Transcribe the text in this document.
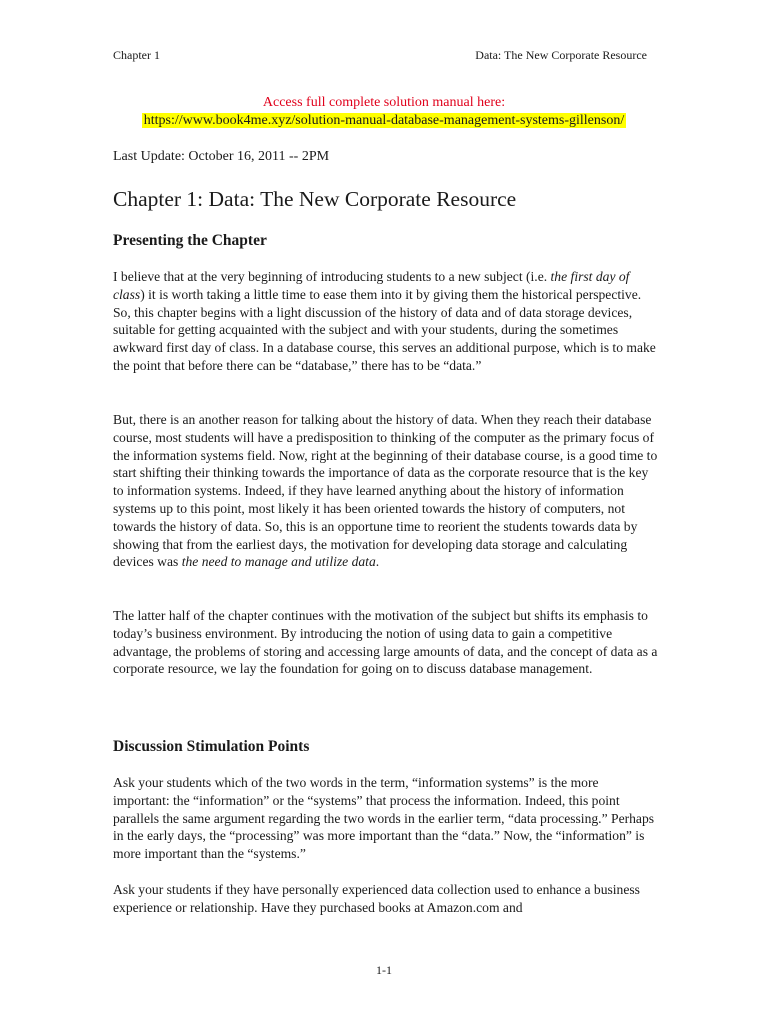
Chapter 1	Data: The New Corporate Resource
Access full complete solution manual here:
https://www.book4me.xyz/solution-manual-database-management-systems-gillenson/
Last Update: October 16, 2011 -- 2PM
Chapter 1: Data: The New Corporate Resource
Presenting the Chapter

I believe that at the very beginning of introducing students to a new subject (i.e. the first day of class) it is worth taking a little time to ease them into it by giving them the historical perspective. So, this chapter begins with a light discussion of the history of data and of data storage devices, suitable for getting acquainted with the subject and with your students, during the sometimes awkward first day of class. In a database course, this serves an additional purpose, which is to make the point that before there can be “database,” there has to be “data.”

But, there is an another reason for talking about the history of data. When they reach their database course, most students will have a predisposition to thinking of the computer as the primary focus of the information systems field. Now, right at the beginning of their database course, is a good time to start shifting their thinking towards the importance of data as the corporate resource that is the key to information systems. Indeed, if they have learned anything about the history of information systems up to this point, most likely it has been oriented towards the history of computers, not towards the history of data. So, this is an opportune time to reorient the students towards data by showing that from the earliest days, the motivation for developing data storage and calculating devices was the need to manage and utilize data.

The latter half of the chapter continues with the motivation of the subject but shifts its emphasis to today’s business environment. By introducing the notion of using data to gain a competitive advantage, the problems of storing and accessing large amounts of data, and the concept of data as a corporate resource, we lay the foundation for going on to discuss database management.

Discussion Stimulation Points

Ask your students which of the two words in the term, “information systems” is the more important: the “information” or the “systems” that process the information. Indeed, this point parallels the same argument regarding the two words in the earlier term, “data processing.” Perhaps in the early days, the “processing” was more important than the “data.” Now, the “information” is more important than the “systems.”

Ask your students if they have personally experienced data collection used to enhance a business experience or relationship. Have they purchased books at Amazon.com and

1-1
